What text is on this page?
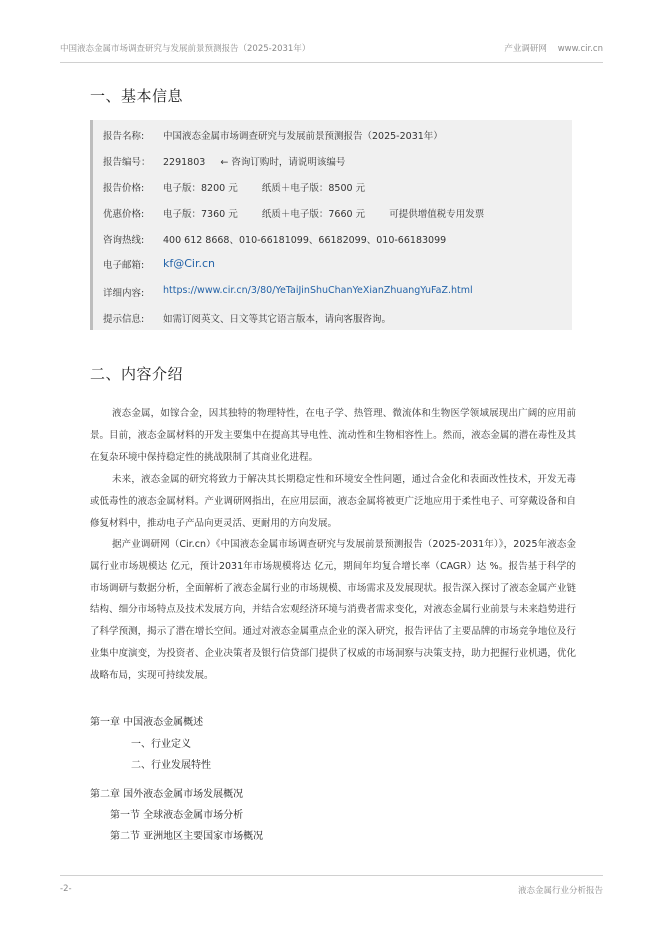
中国液态金属市场调查研究与发展前景预测报告（2025-2031年）	产业调研网 www.cir.cn
一、基本信息
报告名称: 中国液态金属市场调查研究与发展前景预测报告（2025-2031年）
报告编号： 2291803 ← 咨询订购时，请说明该编号
报告价格: 电子版：8200 元	纸质＋电子版：8500 元
优惠价格: 电子版：7360 元	纸质＋电子版：7660 元	可提供增值税专用发票
咨询热线: 400 612 8668、010-66181099、66182099、010-66183099
电子邮箱: kf@Cir.cn
详细内容: https://www.cir.cn/3/80/YeTaiJinShuChanYeXianZhuangYuFaZ.html
提示信息: 如需订阅英文、日文等其它语言版本，请向客服咨询。
二、内容介绍
液态金属，如镓合金，因其独特的物理特性，在电子学、热管理、微流体和生物医学领域展现出广阔的应用前景。目前，液态金属材料的开发主要集中在提高其导电性、流动性和生物相容性上。然而，液态金属的潜在毒性及其在复杂环境中保持稳定性的挑战限制了其商业化进程。
未来，液态金属的研究将致力于解决其长期稳定性和环境安全性问题，通过合金化和表面改性技术，开发无毒或低毒性的液态金属材料。产业调研网指出，在应用层面，液态金属将被更广泛地应用于柔性电子、可穿戴设备和自修复材料中，推动电子产品向更灵活、更耐用的方向发展。
据产业调研网（Cir.cn）《中国液态金属市场调查研究与发展前景预测报告（2025-2031年）》，2025年液态金属行业市场规模达 亿元，预计2031年市场规模将达 亿元，期间年均复合增长率（CAGR）达 %。报告基于科学的市场调研与数据分析，全面解析了液态金属行业的市场规模、市场需求及发展现状。报告深入探讨了液态金属产业链结构、细分市场特点及技术发展方向，并结合宏观经济环境与消费者需求变化，对液态金属行业前景与未来趋势进行了科学预测，揭示了潜在增长空间。通过对液态金属重点企业的深入研究，报告评估了主要品牌的市场竞争地位及行业集中度演变，为投资者、企业决策者及银行信贷部门提供了权威的市场洞察与决策支持，助力把握行业机遇，优化战略布局，实现可持续发展。
第一章 中国液态金属概述
一、行业定义
二、行业发展特性
第二章 国外液态金属市场发展概况
第一节 全球液态金属市场分析
第二节 亚洲地区主要国家市场概况
-2-	液态金属行业分析报告
